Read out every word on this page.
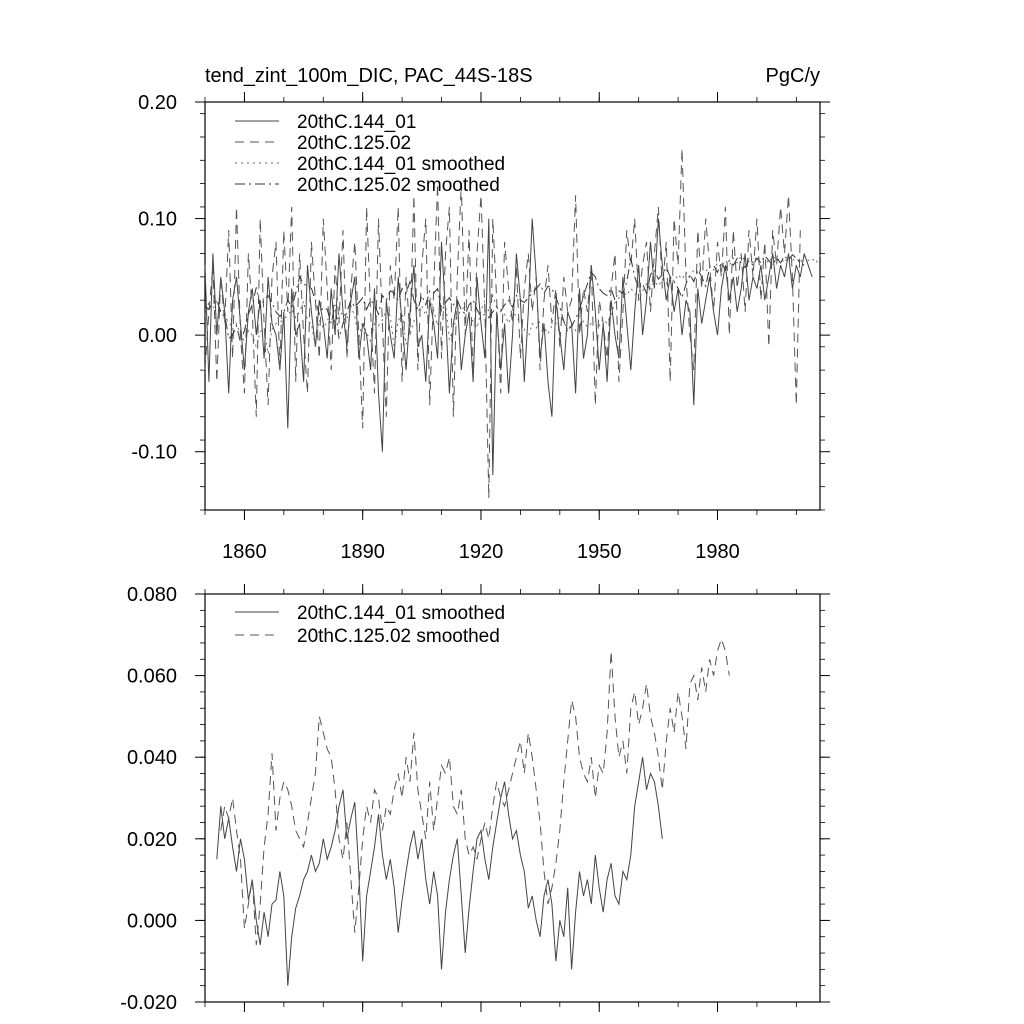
tend_zint_100m_DIC, PAC_44S-18S	PgC/y
-0.10
0.00
0.10
0.20
1860	1890	1920	1950	1980
20thC.144_01
20thC.125.02
20thC.144_01 smoothed
20thC.125.02 smoothed
-0.020
0.000
0.020
0.040
0.060
0.080
20thC.144_01 smoothed
20thC.125.02 smoothed
